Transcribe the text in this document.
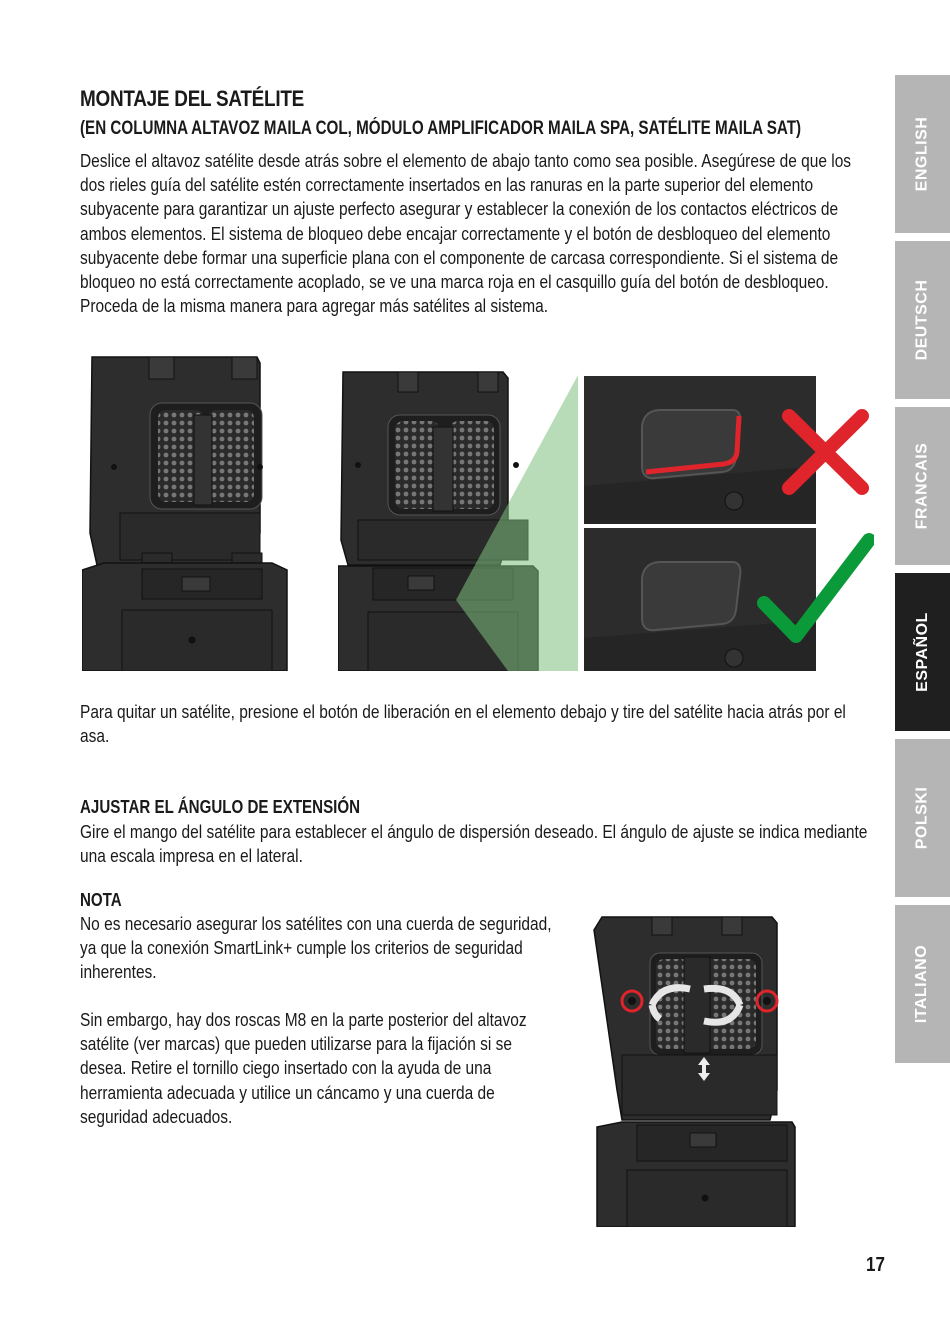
MONTAJE DEL SATÉLITE
(EN COLUMNA ALTAVOZ MAILA COL, MÓDULO AMPLIFICADOR MAILA SPA, SATÉLITE MAILA SAT)
Deslice el altavoz satélite desde atrás sobre el elemento de abajo tanto como sea posible. Asegúrese de que los dos rieles guía del satélite estén correctamente insertados en las ranuras en la parte superior del elemento subyacente para garantizar un ajuste perfecto asegurar y establecer la conexión de los contactos eléctricos de ambos elementos. El sistema de bloqueo debe encajar correctamente y el botón de desbloqueo del elemento subyacente debe formar una superficie plana con el componente de carcasa correspondiente. Si el sistema de bloqueo no está correctamente acoplado, se ve una marca roja en el casquillo guía del botón de desbloqueo.
Proceda de la misma manera para agregar más satélites al sistema.
Para quitar un satélite, presione el botón de liberación en el elemento debajo y tire del satélite hacia atrás por el asa.
AJUSTAR EL ÁNGULO DE EXTENSIÓN
Gire el mango del satélite para establecer el ángulo de dispersión deseado. El ángulo de ajuste se indica mediante una escala impresa en el lateral.
NOTA
No es necesario asegurar los satélites con una cuerda de seguridad, ya que la conexión SmartLink+ cumple los criterios de seguridad inherentes.
Sin embargo, hay dos roscas M8 en la parte posterior del altavoz satélite (ver marcas) que pueden utilizarse para la fijación si se desea. Retire el tornillo ciego insertado con la ayuda de una herramienta adecuada y utilice un cáncamo y una cuerda de seguridad adecuados.
ENGLISH
DEUTSCH
FRANCAIS
ESPAÑOL
POLSKI
ITALIANO
17
